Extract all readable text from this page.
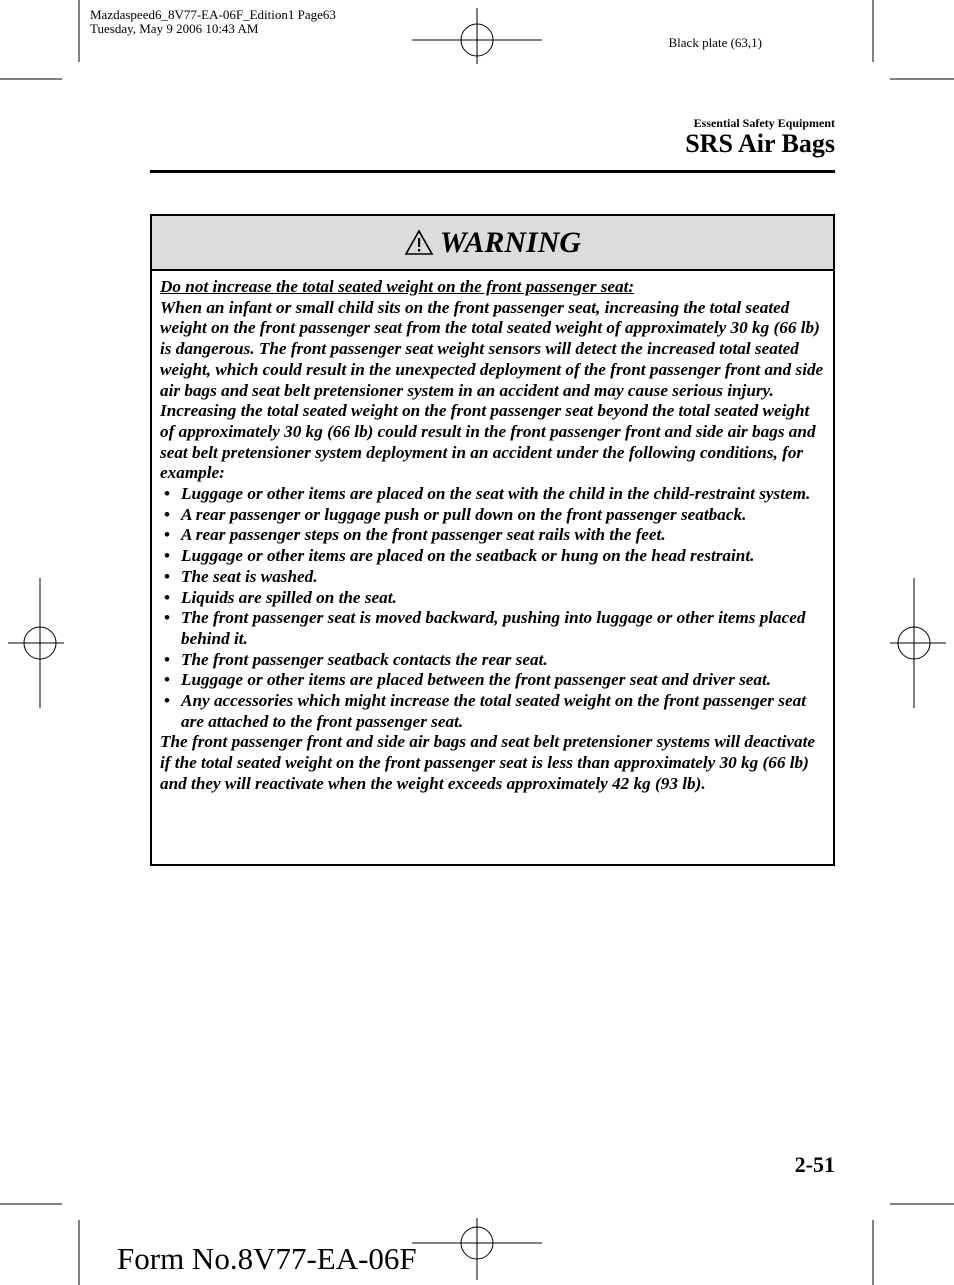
Mazdaspeed6_8V77-EA-06F_Edition1 Page63
Tuesday, May 9 2006 10:43 AM
Black plate (63,1)
Essential Safety Equipment
SRS Air Bags
WARNING

Do not increase the total seated weight on the front passenger seat:

When an infant or small child sits on the front passenger seat, increasing the total seated weight on the front passenger seat from the total seated weight of approximately 30 kg (66 lb) is dangerous. The front passenger seat weight sensors will detect the increased total seated weight, which could result in the unexpected deployment of the front passenger front and side air bags and seat belt pretensioner system in an accident and may cause serious injury. Increasing the total seated weight on the front passenger seat beyond the total seated weight of approximately 30 kg (66 lb) could result in the front passenger front and side air bags and seat belt pretensioner system deployment in an accident under the following conditions, for example:

• Luggage or other items are placed on the seat with the child in the child-restraint system.
• A rear passenger or luggage push or pull down on the front passenger seatback.
• A rear passenger steps on the front passenger seat rails with the feet.
• Luggage or other items are placed on the seatback or hung on the head restraint.
• The seat is washed.
• Liquids are spilled on the seat.
• The front passenger seat is moved backward, pushing into luggage or other items placed behind it.
• The front passenger seatback contacts the rear seat.
• Luggage or other items are placed between the front passenger seat and driver seat.
• Any accessories which might increase the total seated weight on the front passenger seat are attached to the front passenger seat.

The front passenger front and side air bags and seat belt pretensioner systems will deactivate if the total seated weight on the front passenger seat is less than approximately 30 kg (66 lb) and they will reactivate when the weight exceeds approximately 42 kg (93 lb).

2-51
Form No.8V77-EA-06F
